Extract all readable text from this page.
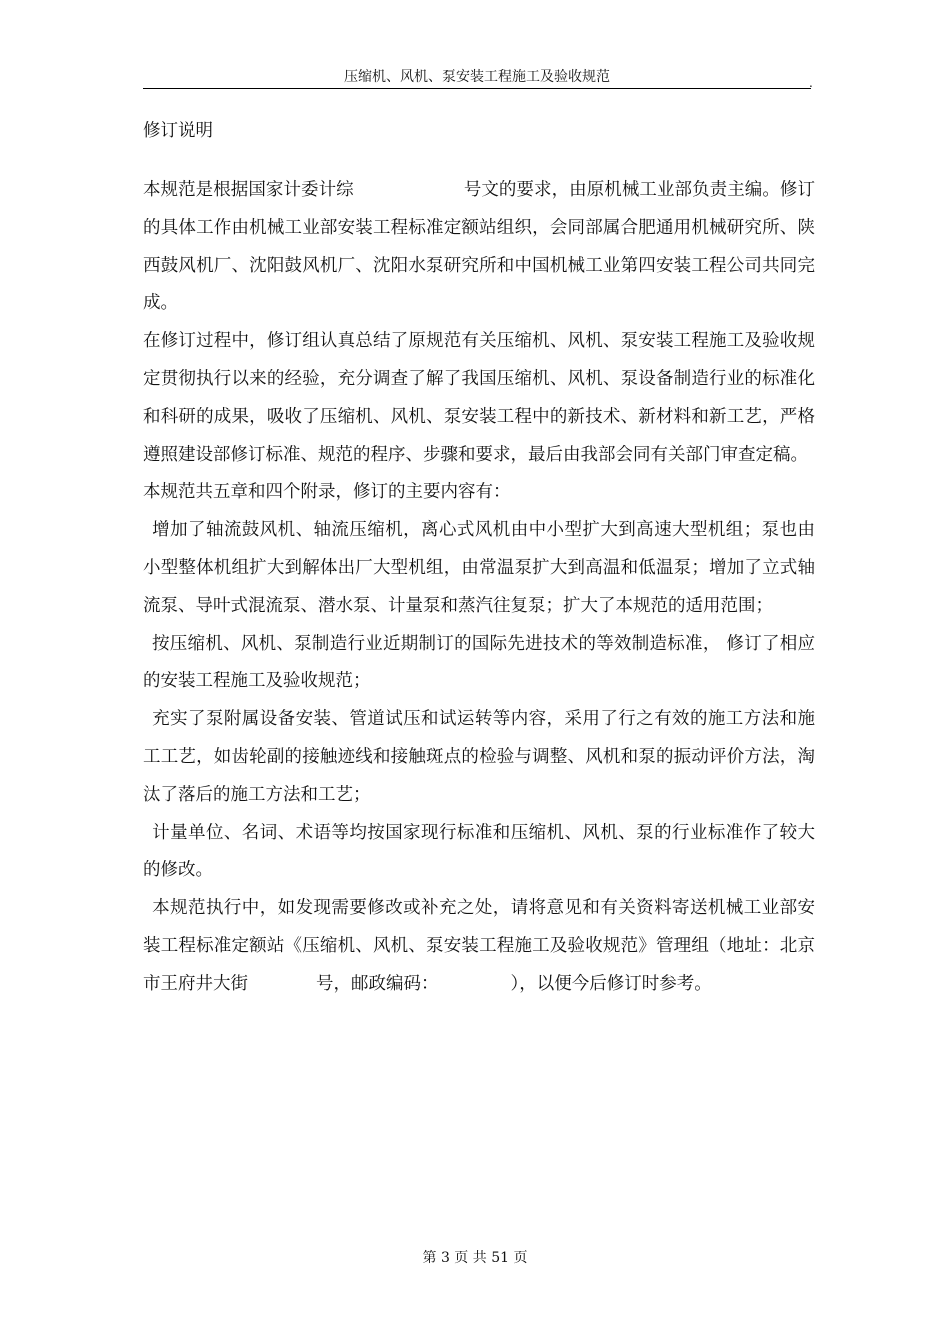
压缩机、风机、泵安装工程施工及验收规范	.
修订说明

本规范是根据国家计委计综	号文的要求，由原机械工业部负责主编。修订的具体工作由机械工业部安装工程标准定额站组织，会同部属合肥通用机械研究所、陕西鼓风机厂、沈阳鼓风机厂、沈阳水泵研究所和中国机械工业第四安装工程公司共同完成。

在修订过程中，修订组认真总结了原规范有关压缩机、风机、泵安装工程施工及验收规定贯彻执行以来的经验，充分调查了解了我国压缩机、风机、泵设备制造行业的标准化和科研的成果，吸收了压缩机、风机、泵安装工程中的新技术、新材料和新工艺，严格遵照建设部修订标准、规范的程序、步骤和要求，最后由我部会同有关部门审查定稿。

本规范共五章和四个附录，修订的主要内容有：

 增加了轴流鼓风机、轴流压缩机，离心式风机由中小型扩大到高速大型机组；泵也由小型整体机组扩大到解体出厂大型机组，由常温泵扩大到高温和低温泵；增加了立式轴流泵、导叶式混流泵、潜水泵、计量泵和蒸汽往复泵；扩大了本规范的适用范围；

 按压缩机、风机、泵制造行业近期制订的国际先进技术的等效制造标准， 修订了相应的安装工程施工及验收规范；

 充实了泵附属设备安装、管道试压和试运转等内容，采用了行之有效的施工方法和施工工艺，如齿轮副的接触迹线和接触斑点的检验与调整、风机和泵的振动评价方法，淘汰了落后的施工方法和工艺；

 计量单位、名词、术语等均按国家现行标准和压缩机、风机、泵的行业标准作了较大的修改。

 本规范执行中，如发现需要修改或补充之处，请将意见和有关资料寄送机械工业部安装工程标准定额站《压缩机、风机、泵安装工程施工及验收规范》管理组（地址：北京市王府井大街	号，邮政编码：	），以便今后修订时参考。

第 3 页 共 51 页
